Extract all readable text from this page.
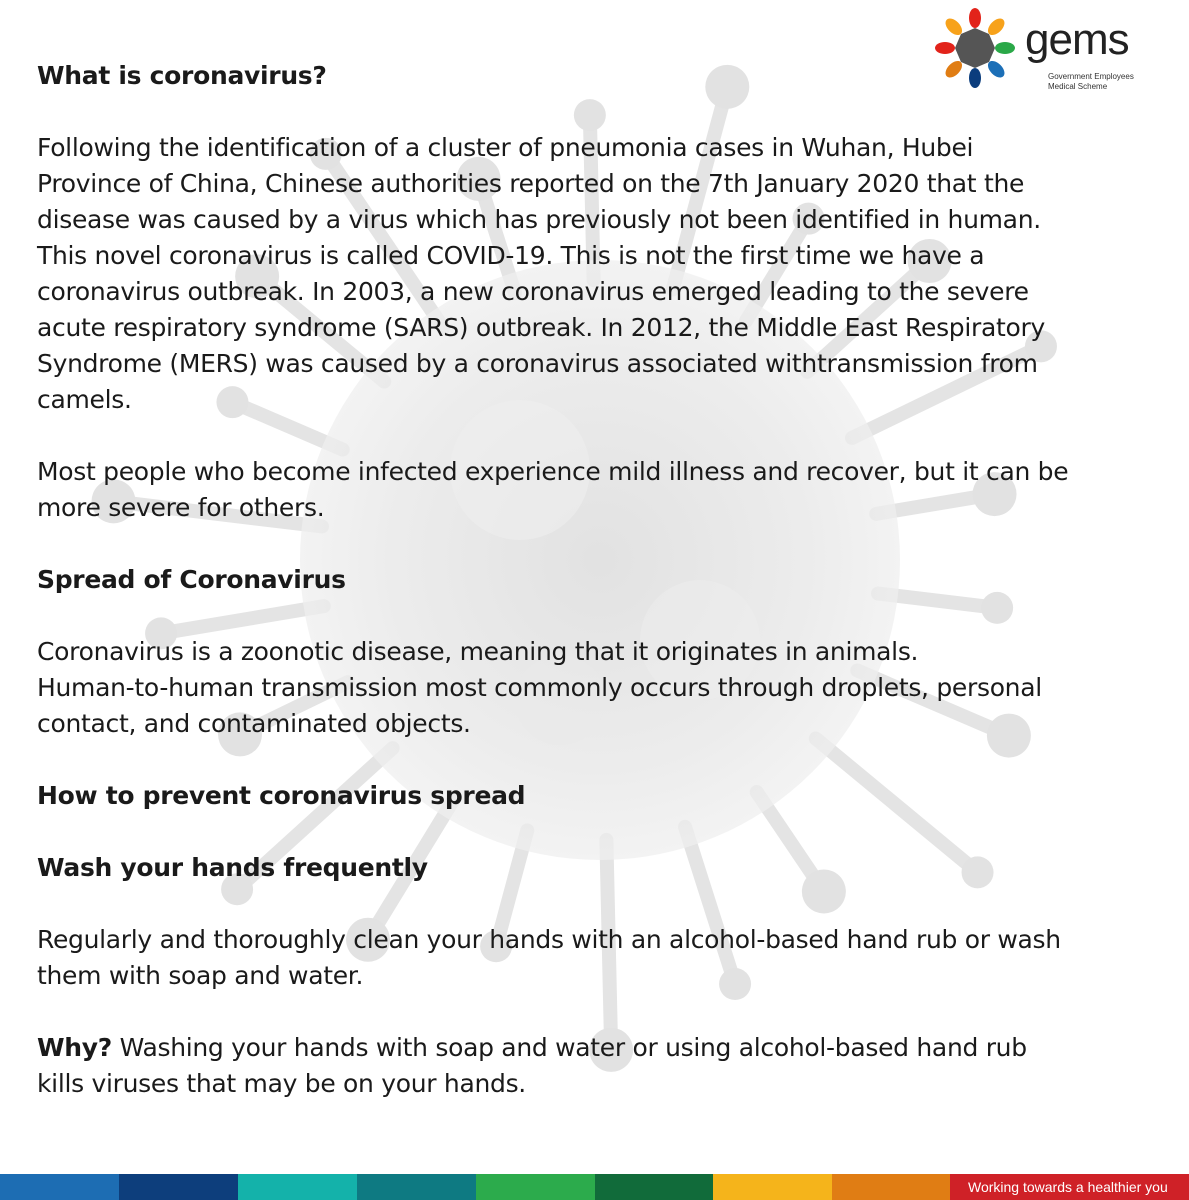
gems
Government Employees
Medical Scheme

What is coronavirus?

Following the identification of a cluster of pneumonia cases in Wuhan, Hubei

Province of China, Chinese authorities reported on the 7th January 2020 that the

disease was caused by a virus which has previously not been identified in human.

This novel coronavirus is called COVID-19. This is not the first time we have a

coronavirus outbreak. In 2003, a new coronavirus emerged leading to the severe

acute respiratory syndrome (SARS) outbreak. In 2012, the Middle East Respiratory

Syndrome (MERS) was caused by a coronavirus associated withtransmission from

camels.

Most people who become infected experience mild illness and recover, but it can be

more severe for others.

Spread of Coronavirus

Coronavirus is a zoonotic disease, meaning that it originates in animals.

Human-to-human transmission most commonly occurs through droplets, personal

contact, and contaminated objects.

How to prevent coronavirus spread

Wash your hands frequently

Regularly and thoroughly clean your hands with an alcohol-based hand rub or wash

them with soap and water.

Why? Washing your hands with soap and water or using alcohol-based hand rub

kills viruses that may be on your hands.

Working towards a healthier you
